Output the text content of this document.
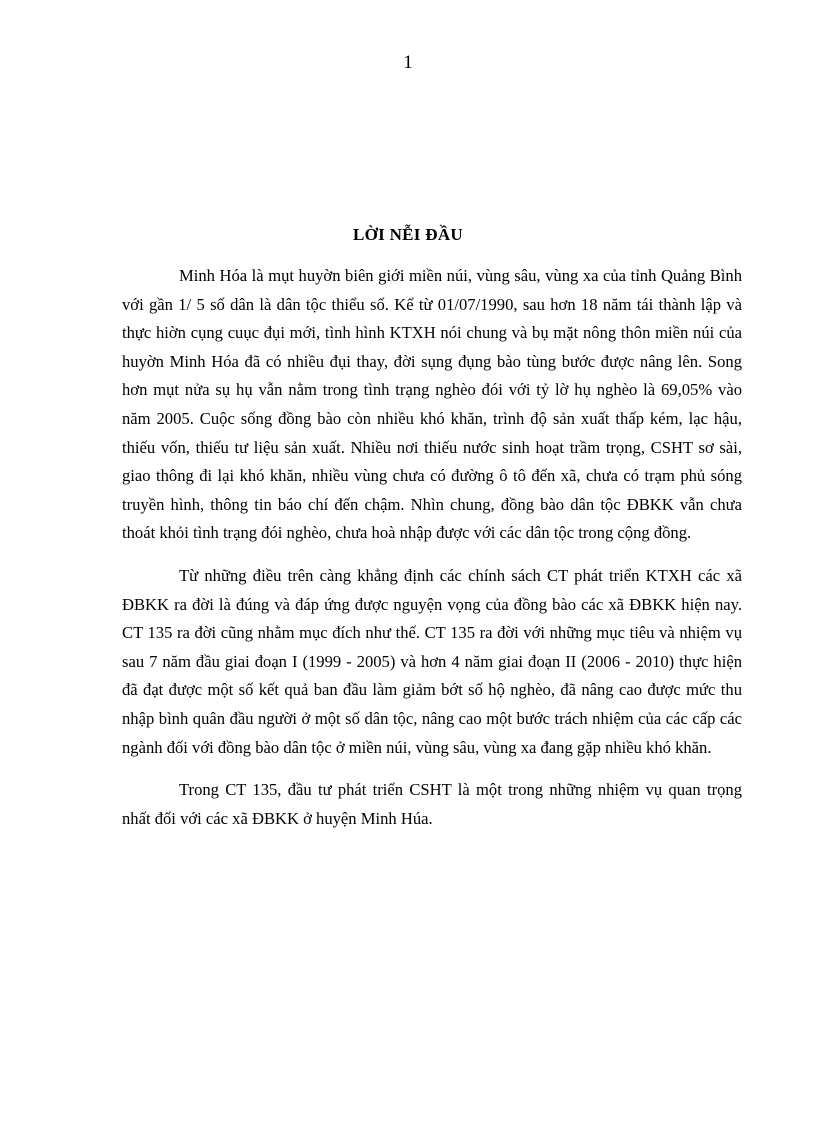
1
LỜI NỄI ĐẦU

Minh Hóa là mụt huyờn biên giới miền núi, vùng sâu, vùng xa của tỉnh Quảng Bình với gần 1/ 5 số dân là dân tộc thiểu số. Kể từ 01/07/1990, sau hơn 18 năm tái thành lập và thực hiờn cụng cuục đụi mới, tình hình KTXH nói chung và bụ mặt nông thôn miền núi của huyờn Minh Hóa đã có nhiều đụi thay, đời sụng đụng bào tùng bước được nâng lên. Song hơn mụt nửa sụ hụ vẫn nằm trong tình trạng nghèo đói với tỷ lờ hụ nghèo là 69,05% vào năm 2005. Cuộc sống đồng bào còn nhiều khó khăn, trình độ sản xuất thấp kém, lạc hậu, thiếu vốn, thiếu tư liệu sản xuất. Nhiều nơi thiếu nước sinh hoạt trầm trọng, CSHT sơ sài, giao thông đi lại khó khăn, nhiều vùng chưa có đường ô tô đến xã, chưa có trạm phủ sóng truyền hình, thông tin báo chí đến chậm. Nhìn chung, đồng bào dân tộc ĐBKK vẫn chưa thoát khỏi tình trạng đói nghèo, chưa hoà nhập được với các dân tộc trong cộng đồng.

Từ những điều trên càng khẳng định các chính sách CT phát triển KTXH các xã ĐBKK ra đời là đúng và đáp ứng được nguyện vọng của đồng bào các xã ĐBKK hiện nay. CT 135 ra đời cũng nhằm mục đích như thế. CT 135 ra đời với những mục tiêu và nhiệm vụ sau 7 năm đầu giai đoạn I (1999 - 2005) và hơn 4 năm giai đoạn II (2006 - 2010) thực hiện đã đạt được một số kết quả ban đầu làm giảm bớt số hộ nghèo, đã nâng cao được mức thu nhập bình quân đầu người ở một số dân tộc, nâng cao một bước trách nhiệm của các cấp các ngành đối với đồng bào dân tộc ở miền núi, vùng sâu, vùng xa đang gặp nhiều khó khăn.

Trong CT 135, đầu tư phát triển CSHT là một trong những nhiệm vụ quan trọng nhất đối với các xã ĐBKK ở huyện Minh Húa.
